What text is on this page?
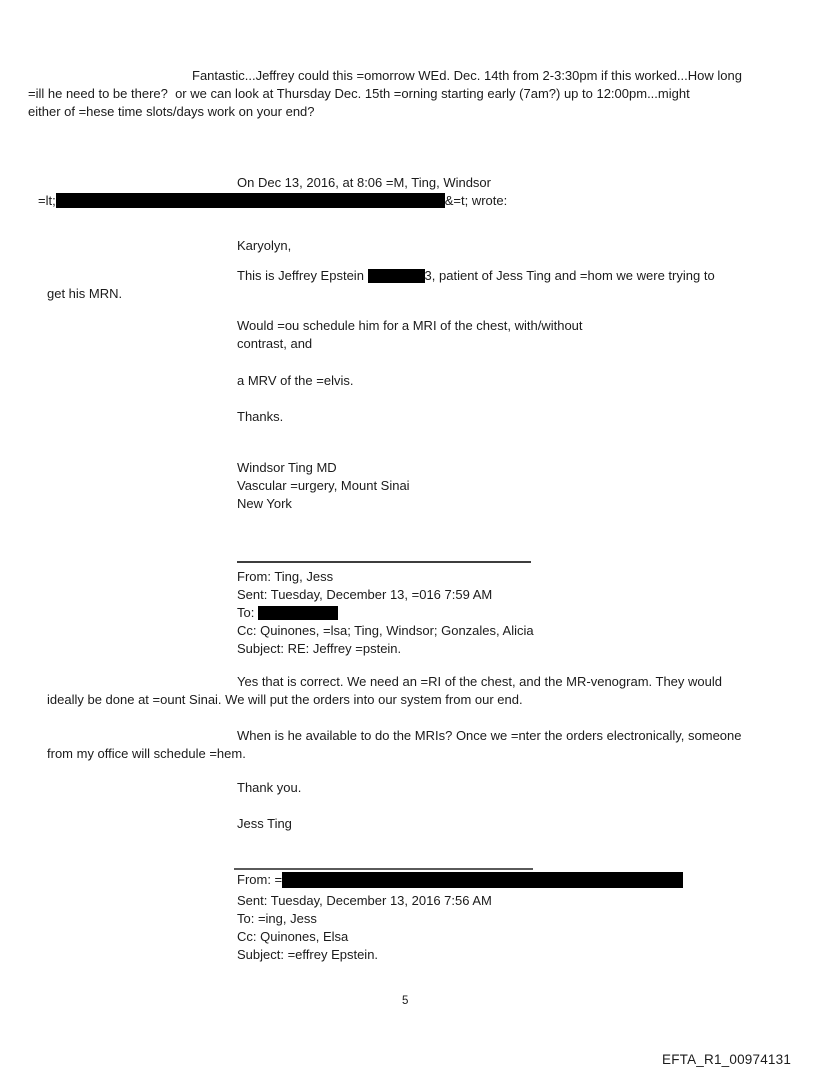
Fantastic...Jeffrey could this =omorrow WEd. Dec. 14th from 2-3:30pm if this worked...How long
=ill he need to be there?  or we can look at Thursday Dec. 15th =orning starting early (7am?) up to 12:00pm...might
either of =hese time slots/days work on your end?
On Dec 13, 2016, at 8:06 =M, Ting, Windsor
=lt;	&=t; wrote:
Karyolyn,
This is Jeffrey Epstein	3, patient of Jess Ting and =hom we were trying to
get his MRN.
Would =ou schedule him for a MRI of the chest, with/without
contrast, and
a MRV of the =elvis.
Thanks.
Windsor Ting MD
Vascular =urgery, Mount Sinai
New York
From: Ting, Jess
Sent: Tuesday, December 13, =016 7:59 AM
To:
Cc: Quinones, =lsa; Ting, Windsor; Gonzales, Alicia
Subject: RE: Jeffrey =pstein.
Yes that is correct. We need an =RI of the chest, and the MR-venogram. They would
ideally be done at =ount Sinai. We will put the orders into our system from our end.
When is he available to do the MRIs? Once we =nter the orders electronically, someone
from my office will schedule =hem.
Thank you.
Jess Ting
From: =
Sent: Tuesday, December 13, 2016 7:56 AM
To: =ing, Jess
Cc: Quinones, Elsa
Subject: =effrey Epstein.
5
EFTA_R1_00974131
